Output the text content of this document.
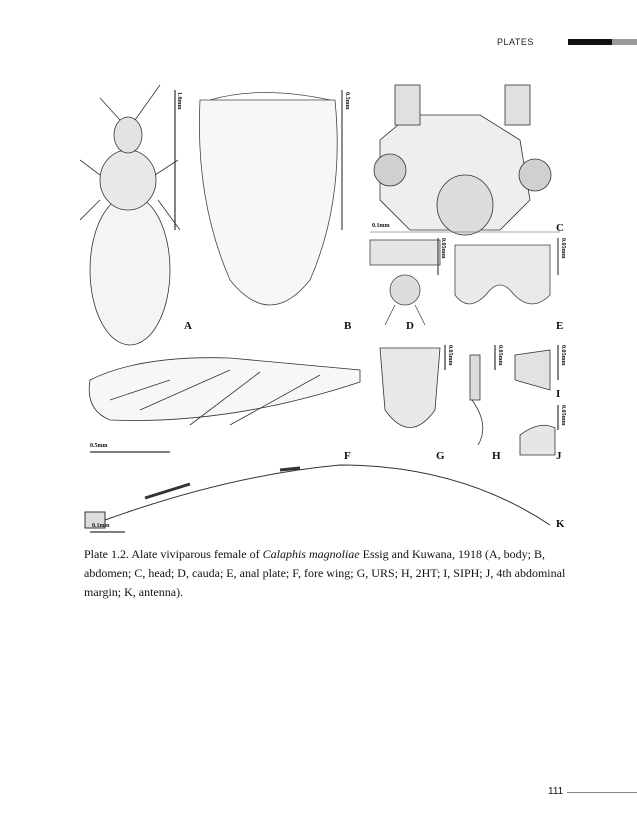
PLATES
A	B
C
D	E
F	G	H
I
J
K
1.0mm	0.5mm
0.1mm
0.05mm	0.05mm
0.5mm
0.05mm	0.05mm	0.05mm
0.05mm
0.1mm
Plate 1.2. Alate viviparous female of Calaphis magnoliae Essig and Kuwana, 1918 (A, body; B, abdomen; C, head; D, cauda; E, anal plate; F, fore wing; G, URS; H, 2HT; I, SIPH; J, 4th abdominal margin; K, antenna).
111
